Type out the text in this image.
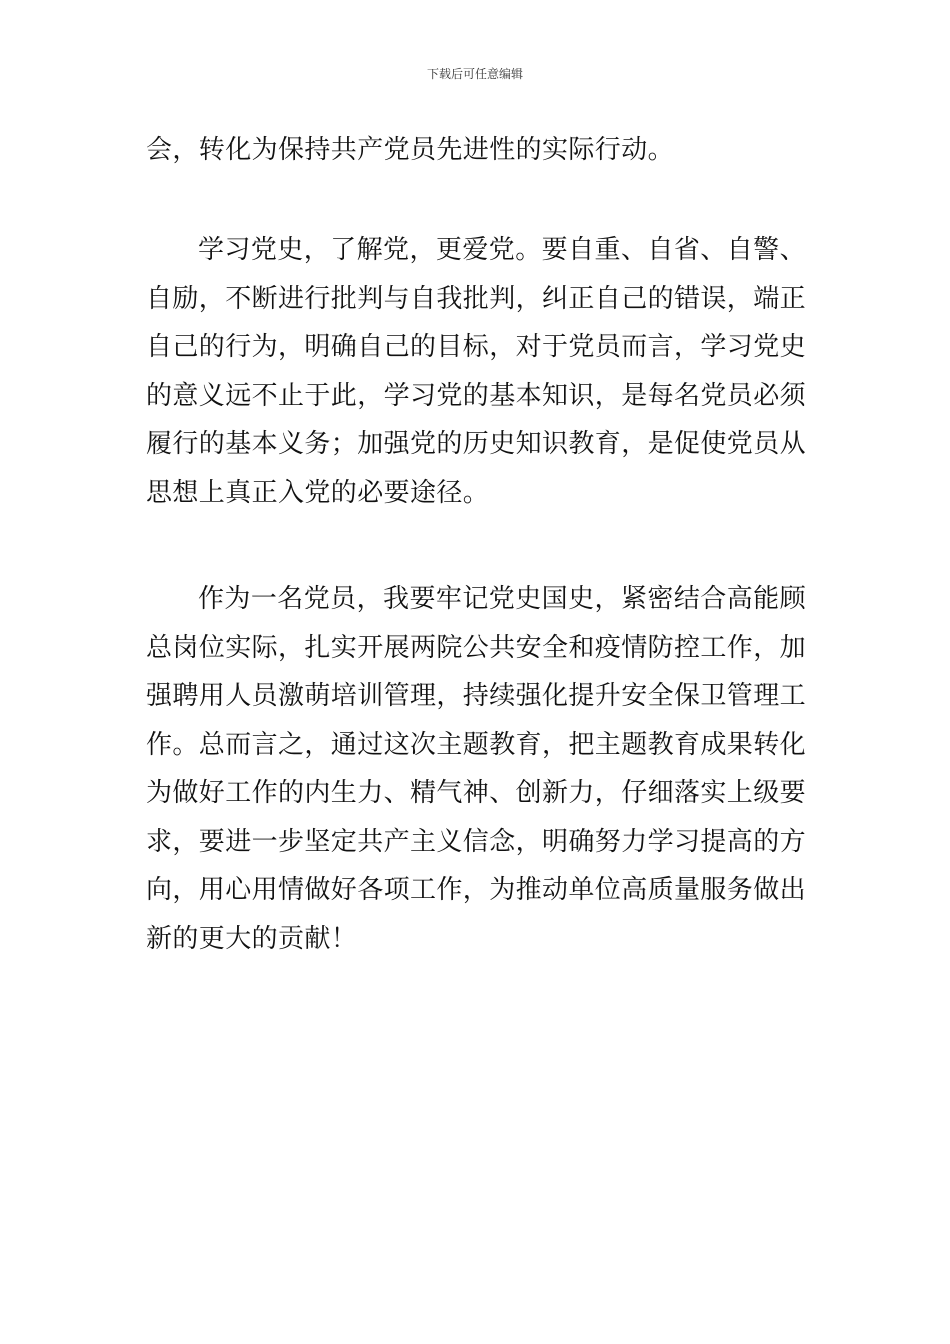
下载后可任意编辑

会，转化为保持共产党员先进性的实际行动。

学习党史，了解党，更爱党。要自重、自省、自警、自励，不断进行批判与自我批判，纠正自己的错误，端正自己的行为，明确自己的目标，对于党员而言，学习党史的意义远不止于此，学习党的基本知识，是每名党员必须履行的基本义务；加强党的历史知识教育，是促使党员从思想上真正入党的必要途径。

作为一名党员，我要牢记党史国史，紧密结合高能顾总岗位实际，扎实开展两院公共安全和疫情防控工作，加强聘用人员激萌培训管理，持续强化提升安全保卫管理工作。总而言之，通过这次主题教育，把主题教育成果转化为做好工作的内生力、精气神、创新力，仔细落实上级要求，要进一步坚定共产主义信念，明确努力学习提高的方向，用心用情做好各项工作，为推动单位高质量服务做出新的更大的贡献！
